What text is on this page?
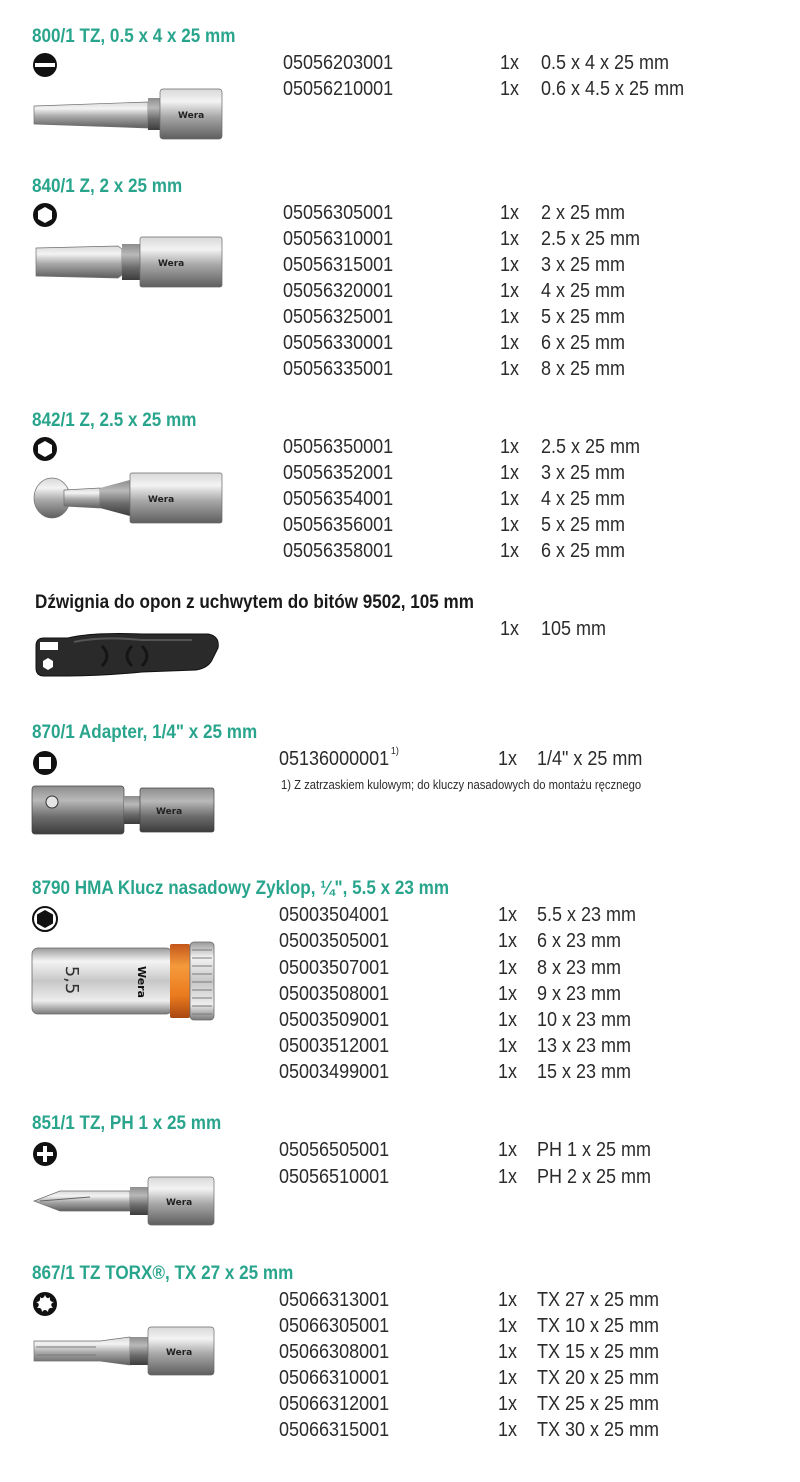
800/1 TZ, 0.5 x 4 x 25 mm
Wera
05056203001	1x 0.5 x 4 x 25 mm
05056210001	1x 0.6 x 4.5 x 25 mm
840/1 Z, 2 x 25 mm
Wera
05056305001	1x 2 x 25 mm
05056310001	1x 2.5 x 25 mm
05056315001	1x 3 x 25 mm
05056320001	1x 4 x 25 mm
05056325001	1x 5 x 25 mm
05056330001	1x 6 x 25 mm
05056335001	1x 8 x 25 mm
842/1 Z, 2.5 x 25 mm
Wera
05056350001	1x 2.5 x 25 mm
05056352001	1x 3 x 25 mm
05056354001	1x 4 x 25 mm
05056356001	1x 5 x 25 mm
05056358001	1x 6 x 25 mm
Dźwignia do opon z uchwytem do bitów 9502, 105 mm
1x 105 mm
870/1 Adapter, 1/4" x 25 mm
Wera
05136000001 $^{1)}$	1x 1/4" x 25 mm
1) Z zatrzaskiem kulowym; do kluczy nasadowych do montażu ręcznego
8790 HMA Klucz nasadowy Zyklop, ¼", 5.5 x 23 mm
5,5	Wera
05003504001	1x 5.5 x 23 mm
05003505001	1x 6 x 23 mm
05003507001	1x 8 x 23 mm
05003508001	1x 9 x 23 mm
05003509001	1x 10 x 23 mm
05003512001	1x 13 x 23 mm
05003499001	1x 15 x 23 mm
851/1 TZ, PH 1 x 25 mm
Wera
05056505001	1x PH 1 x 25 mm
05056510001	1x PH 2 x 25 mm
867/1 TZ TORX®, TX 27 x 25 mm
Wera
05066313001	1x TX 27 x 25 mm
05066305001	1x TX 10 x 25 mm
05066308001	1x TX 15 x 25 mm
05066310001	1x TX 20 x 25 mm
05066312001	1x TX 25 x 25 mm
05066315001	1x TX 30 x 25 mm
